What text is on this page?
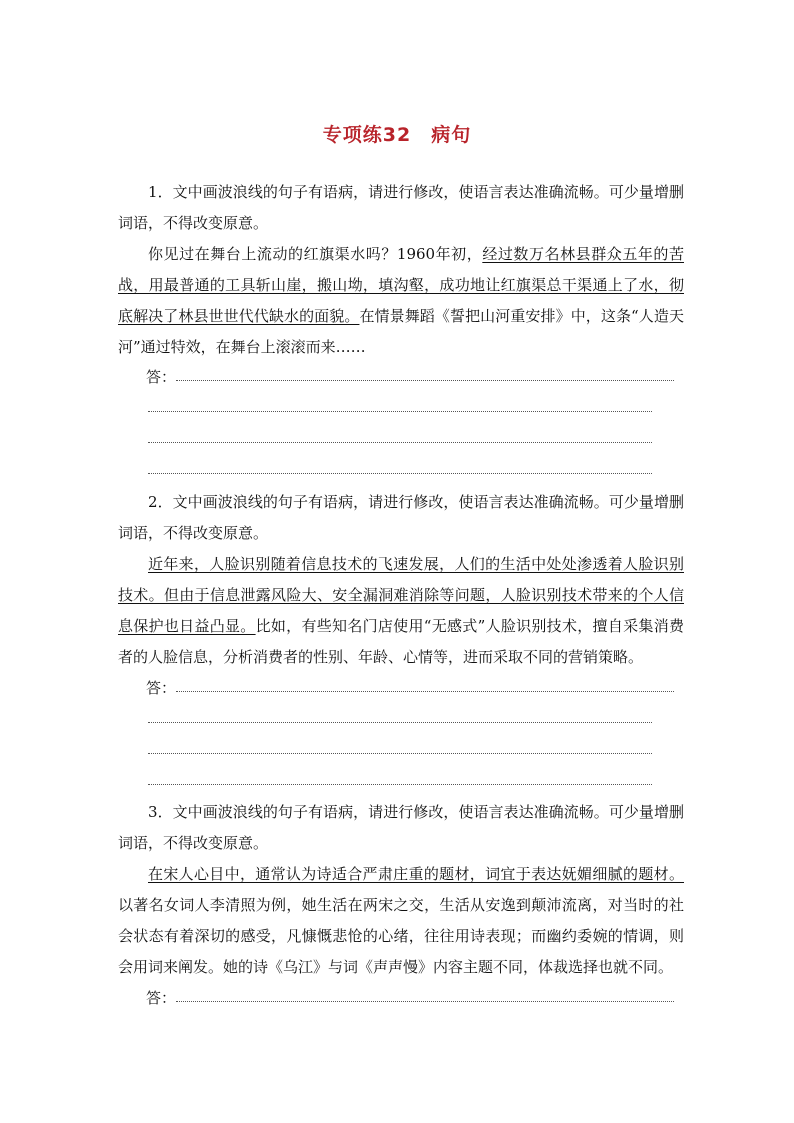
专项练32　病句

1．文中画波浪线的句子有语病，请进行修改，使语言表达准确流畅。可少量增删词语，不得改变原意。

你见过在舞台上流动的红旗渠水吗？1960年初，经过数万名林县群众五年的苦战，用最普通的工具斩山崖，搬山坳，填沟壑，成功地让红旗渠总干渠通上了水，彻底解决了林县世世代代缺水的面貌。在情景舞蹈《誓把山河重安排》中，这条“人造天河”通过特效，在舞台上滚滚而来……

答：

2．文中画波浪线的句子有语病，请进行修改，使语言表达准确流畅。可少量增删词语，不得改变原意。

近年来，人脸识别随着信息技术的飞速发展，人们的生活中处处渗透着人脸识别技术。但由于信息泄露风险大、安全漏洞难消除等问题，人脸识别技术带来的个人信息保护也日益凸显。比如，有些知名门店使用“无感式”人脸识别技术，擅自采集消费者的人脸信息，分析消费者的性别、年龄、心情等，进而采取不同的营销策略。

答：

3．文中画波浪线的句子有语病，请进行修改，使语言表达准确流畅。可少量增删词语，不得改变原意。

在宋人心目中，通常认为诗适合严肃庄重的题材，词宜于表达妩媚细腻的题材。以著名女词人李清照为例，她生活在两宋之交，生活从安逸到颠沛流离，对当时的社会状态有着深切的感受，凡慷慨悲怆的心绪，往往用诗表现；而幽约委婉的情调，则会用词来阐发。她的诗《乌江》与词《声声慢》内容主题不同，体裁选择也就不同。

答：
